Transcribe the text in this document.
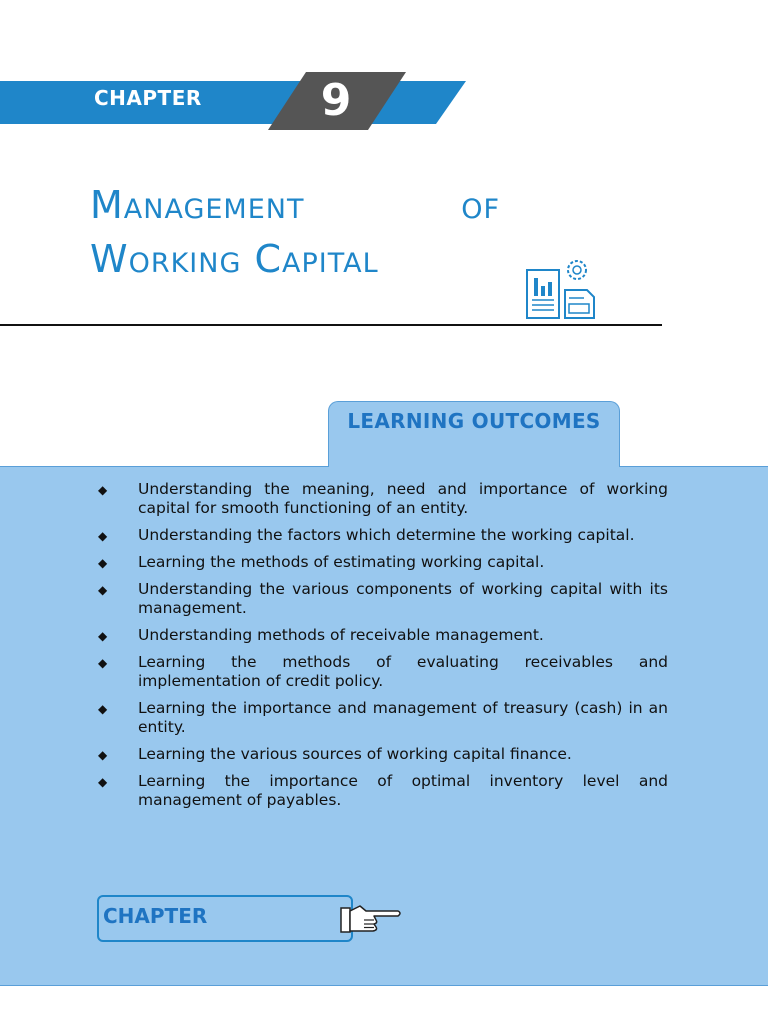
CHAPTER	9
Management	of
Working Capital
LEARNING OUTCOMES
◆ Understanding the meaning, need and importance of working capital for smooth functioning of an entity.
◆ Understanding the factors which determine the working capital.
◆ Learning the methods of estimating working capital.
◆ Understanding the various components of working capital with its management.
◆ Understanding methods of receivable management.
◆ Learning the methods of evaluating receivables and implementation of credit policy.
◆ Learning the importance and management of treasury (cash) in an entity.
◆ Learning the various sources of working capital finance.
◆ Learning the importance of optimal inventory level and management of payables.
CHAPTER
